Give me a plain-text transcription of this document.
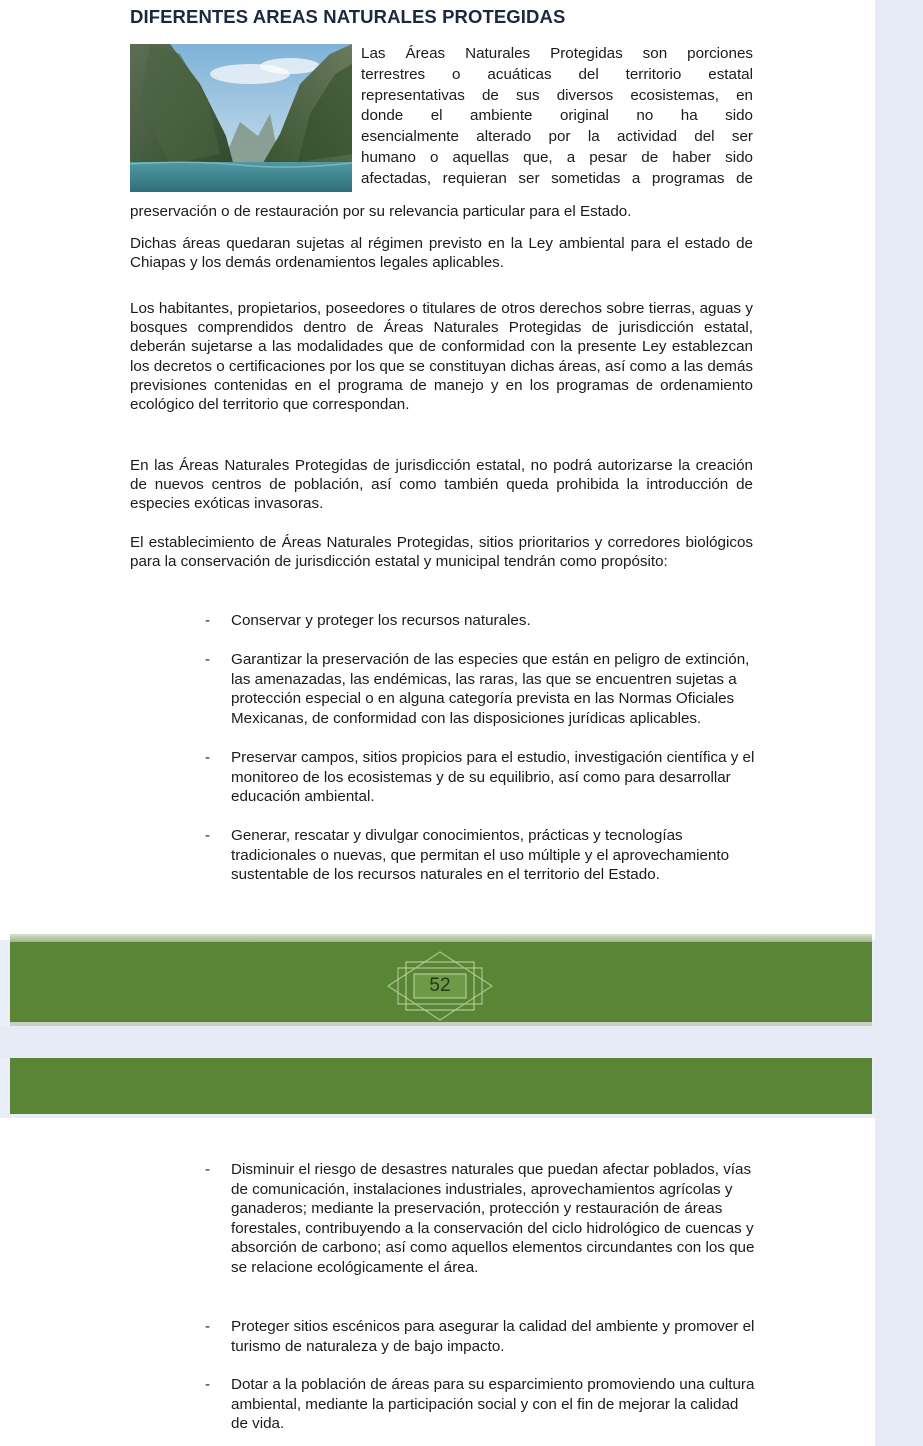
DIFERENTES AREAS NATURALES PROTEGIDAS

Las Áreas Naturales Protegidas son porciones
terrestres o acuáticas del territorio estatal
representativas de sus diversos ecosistemas, en
donde el ambiente original no ha sido
esencialmente alterado por la actividad del ser
humano o aquellas que, a pesar de haber sido
afectadas, requieran ser sometidas a programas de

preservación o de restauración por su relevancia particular para el Estado.

Dichas áreas quedaran sujetas al régimen previsto en la Ley ambiental para el estado de Chiapas y los demás ordenamientos legales aplicables.

Los habitantes, propietarios, poseedores o titulares de otros derechos sobre tierras, aguas y bosques comprendidos dentro de Áreas Naturales Protegidas de jurisdicción estatal, deberán sujetarse a las modalidades que de conformidad con la presente Ley establezcan los decretos o certificaciones por los que se constituyan dichas áreas, así como a las demás previsiones contenidas en el programa de manejo y en los programas de ordenamiento ecológico del territorio que correspondan.

En las Áreas Naturales Protegidas de jurisdicción estatal, no podrá autorizarse la creación de nuevos centros de población, así como también queda prohibida la introducción de especies exóticas invasoras.

El establecimiento de Áreas Naturales Protegidas, sitios prioritarios y corredores biológicos para la conservación de jurisdicción estatal y municipal tendrán como propósito:

- Conservar y proteger los recursos naturales.
- Garantizar la preservación de las especies que están en peligro de extinción, las amenazadas, las endémicas, las raras, las que se encuentren sujetas a protección especial o en alguna categoría prevista en las Normas Oficiales Mexicanas, de conformidad con las disposiciones jurídicas aplicables.
- Preservar campos, sitios propicios para el estudio, investigación científica y el monitoreo de los ecosistemas y de su equilibrio, así como para desarrollar educación ambiental.
- Generar, rescatar y divulgar conocimientos, prácticas y tecnologías tradicionales o nuevas, que permitan el uso múltiple y el aprovechamiento sustentable de los recursos naturales en el territorio del Estado.
52
- Disminuir el riesgo de desastres naturales que puedan afectar poblados, vías de comunicación, instalaciones industriales, aprovechamientos agrícolas y ganaderos; mediante la preservación, protección y restauración de áreas forestales, contribuyendo a la conservación del ciclo hidrológico de cuencas y absorción de carbono; así como aquellos elementos circundantes con los que se relacione ecológicamente el área.
- Proteger sitios escénicos para asegurar la calidad del ambiente y promover el turismo de naturaleza y de bajo impacto.
- Dotar a la población de áreas para su esparcimiento promoviendo una cultura ambiental, mediante la participación social y con el fin de mejorar la calidad de vida.
